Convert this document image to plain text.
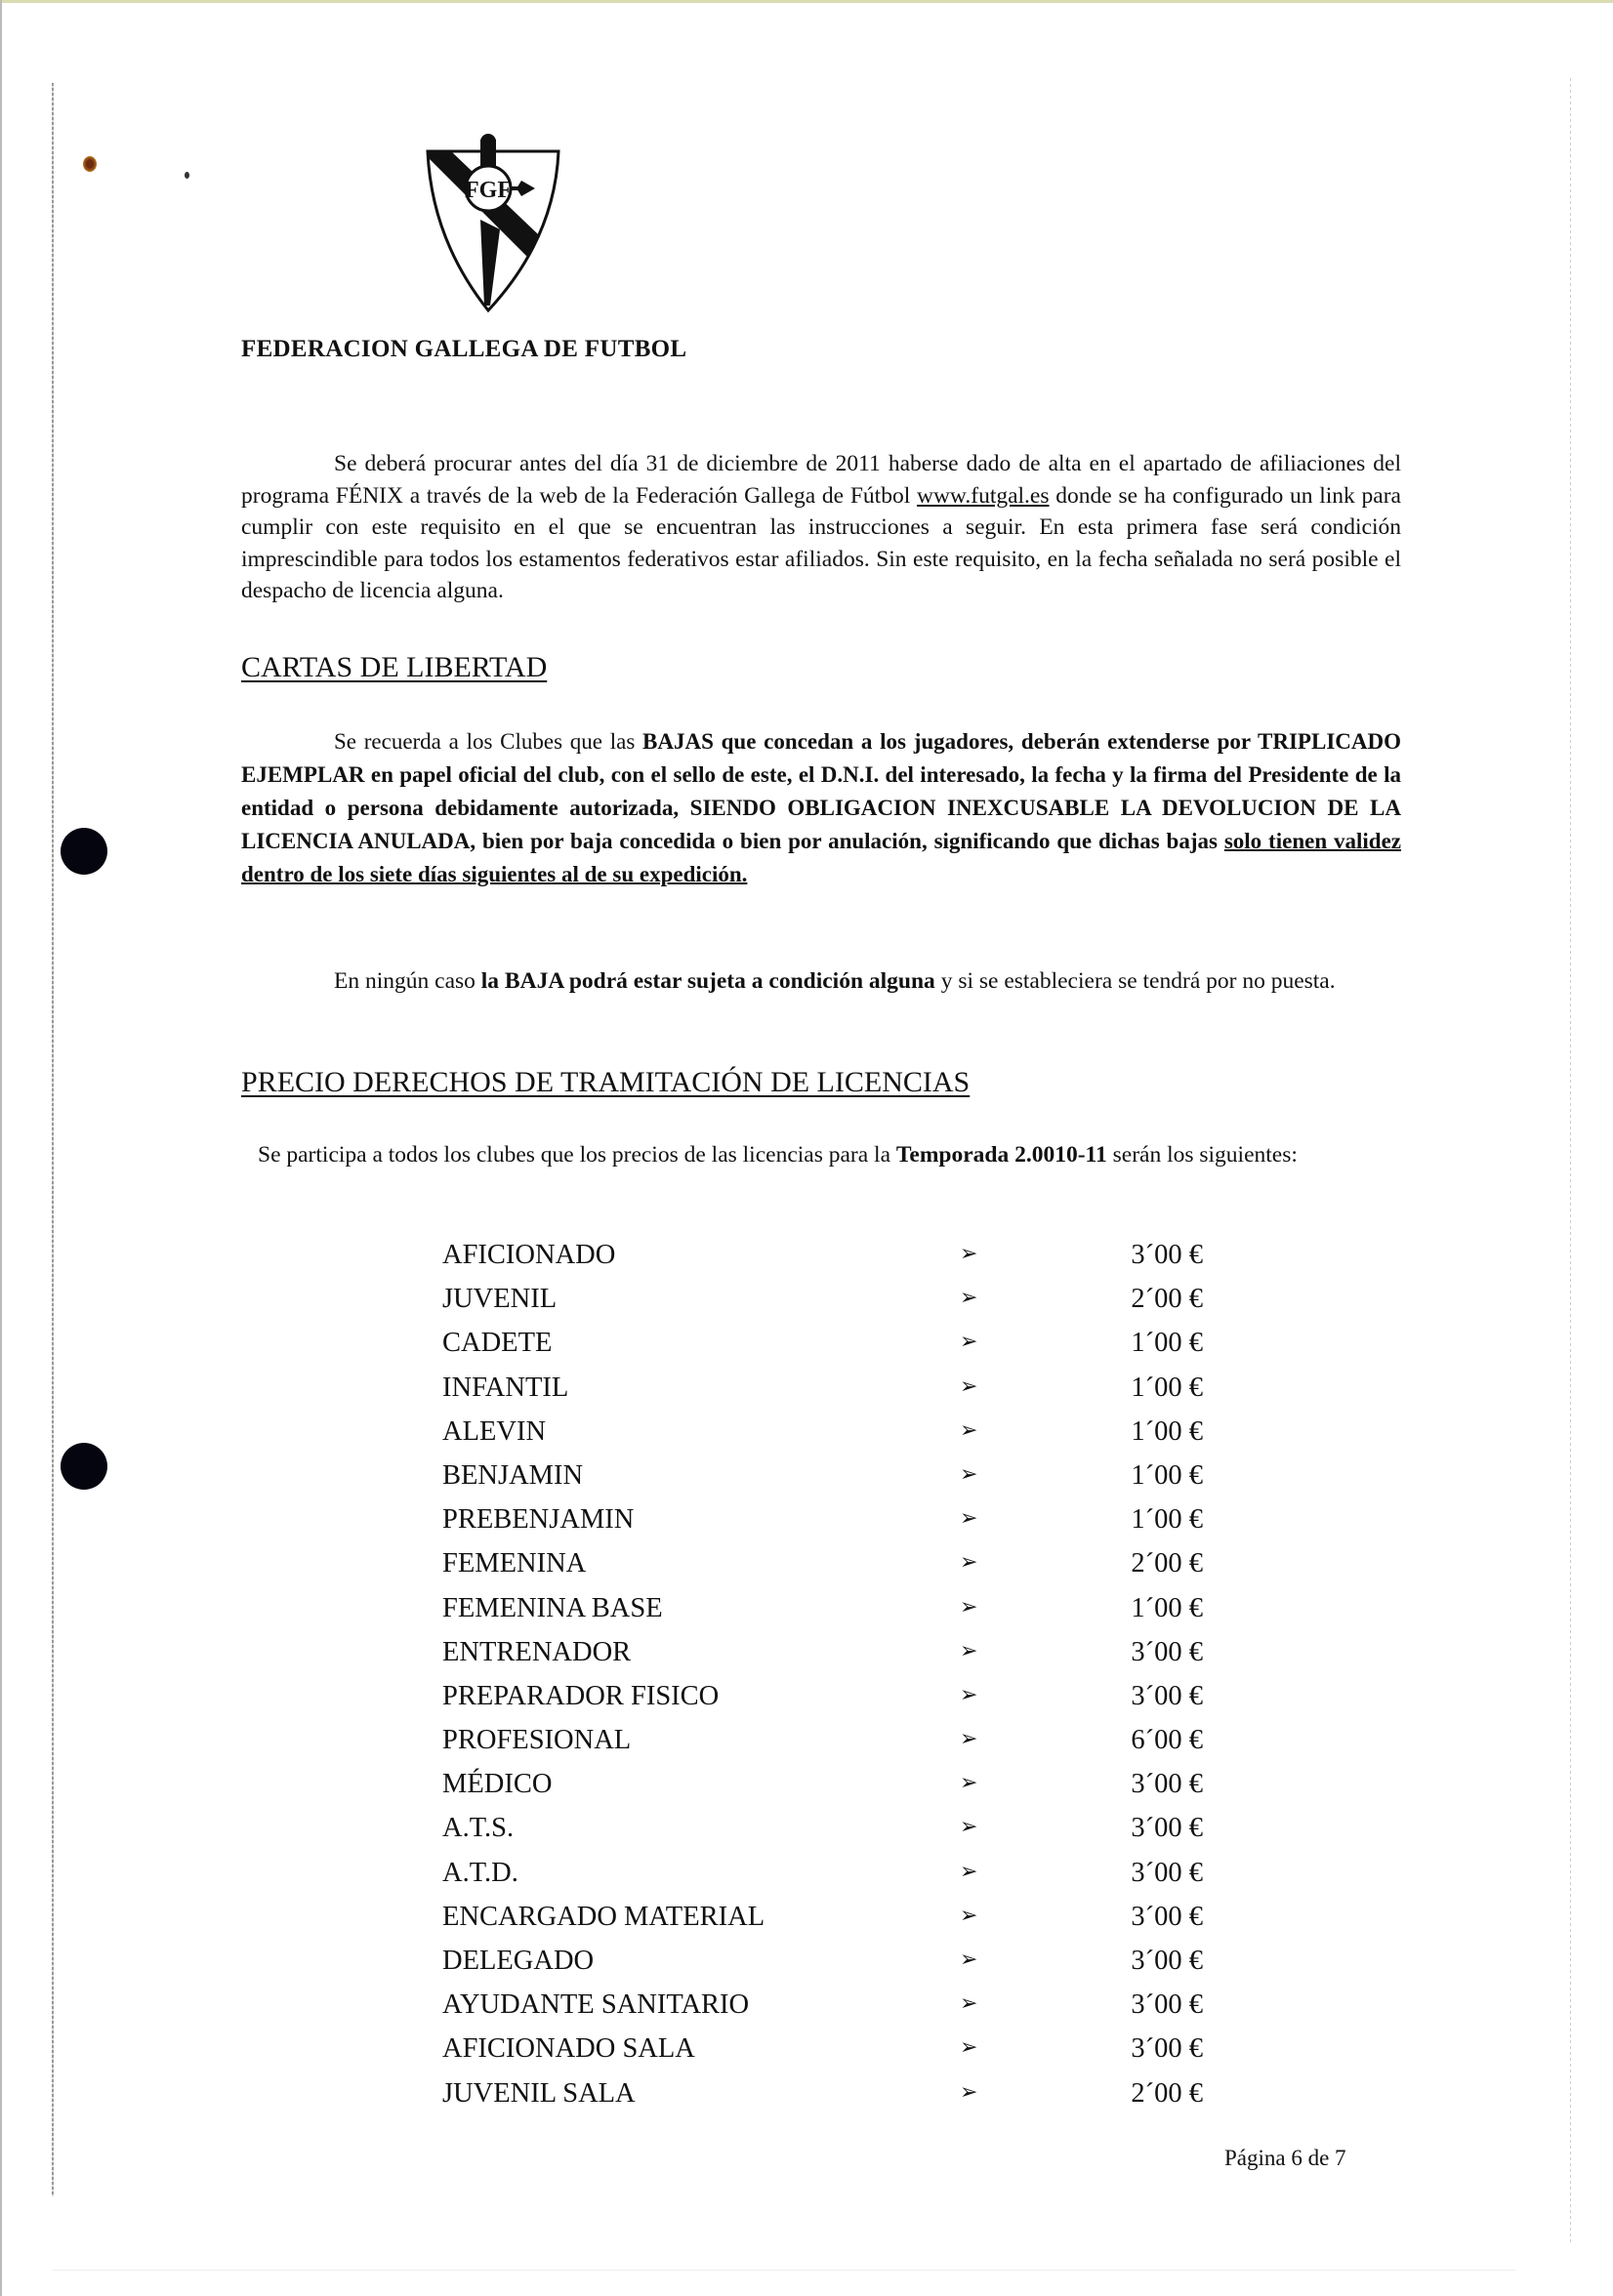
FGF
FEDERACION GALLEGA DE FUTBOL
Se deberá procurar antes del día 31 de diciembre de 2011 haberse dado de alta en el apartado de afiliaciones del programa FÉNIX a través de la web de la Federación Gallega de Fútbol www.futgal.es donde se ha configurado un link para cumplir con este requisito en el que se encuentran las instrucciones a seguir. En esta primera fase será condición imprescindible para todos los estamentos federativos estar afiliados. Sin este requisito, en la fecha señalada no será posible el despacho de licencia alguna.
CARTAS DE LIBERTAD
Se recuerda a los Clubes que las BAJAS que concedan a los jugadores, deberán extenderse por TRIPLICADO EJEMPLAR en papel oficial del club, con el sello de este, el D.N.I. del interesado, la fecha y la firma del Presidente de la entidad o persona debidamente autorizada, SIENDO OBLIGACION INEXCUSABLE LA DEVOLUCION DE LA LICENCIA ANULADA, bien por baja concedida o bien por anulación, significando que dichas bajas solo tienen validez dentro de los siete días siguientes al de su expedición.
En ningún caso la BAJA podrá estar sujeta a condición alguna y si se estableciera se tendrá por no puesta.
PRECIO DERECHOS DE TRAMITACIÓN DE LICENCIAS
Se participa a todos los clubes que los precios de las licencias para la Temporada 2.0010-11 serán los siguientes:
AFICIONADO	➢	3´00 €
JUVENIL	➢	2´00 €
CADETE	➢	1´00 €
INFANTIL	➢	1´00 €
ALEVIN	➢	1´00 €
BENJAMIN	➢	1´00 €
PREBENJAMIN	➢	1´00 €
FEMENINA	➢	2´00 €
FEMENINA BASE	➢	1´00 €
ENTRENADOR	➢	3´00 €
PREPARADOR FISICO	➢	3´00 €
PROFESIONAL	➢	6´00 €
MÉDICO	➢	3´00 €
A.T.S.	➢	3´00 €
A.T.D.	➢	3´00 €
ENCARGADO MATERIAL	➢	3´00 €
DELEGADO	➢	3´00 €
AYUDANTE SANITARIO	➢	3´00 €
AFICIONADO SALA	➢	3´00 €
JUVENIL SALA	➢	2´00 €
Página 6 de 7
